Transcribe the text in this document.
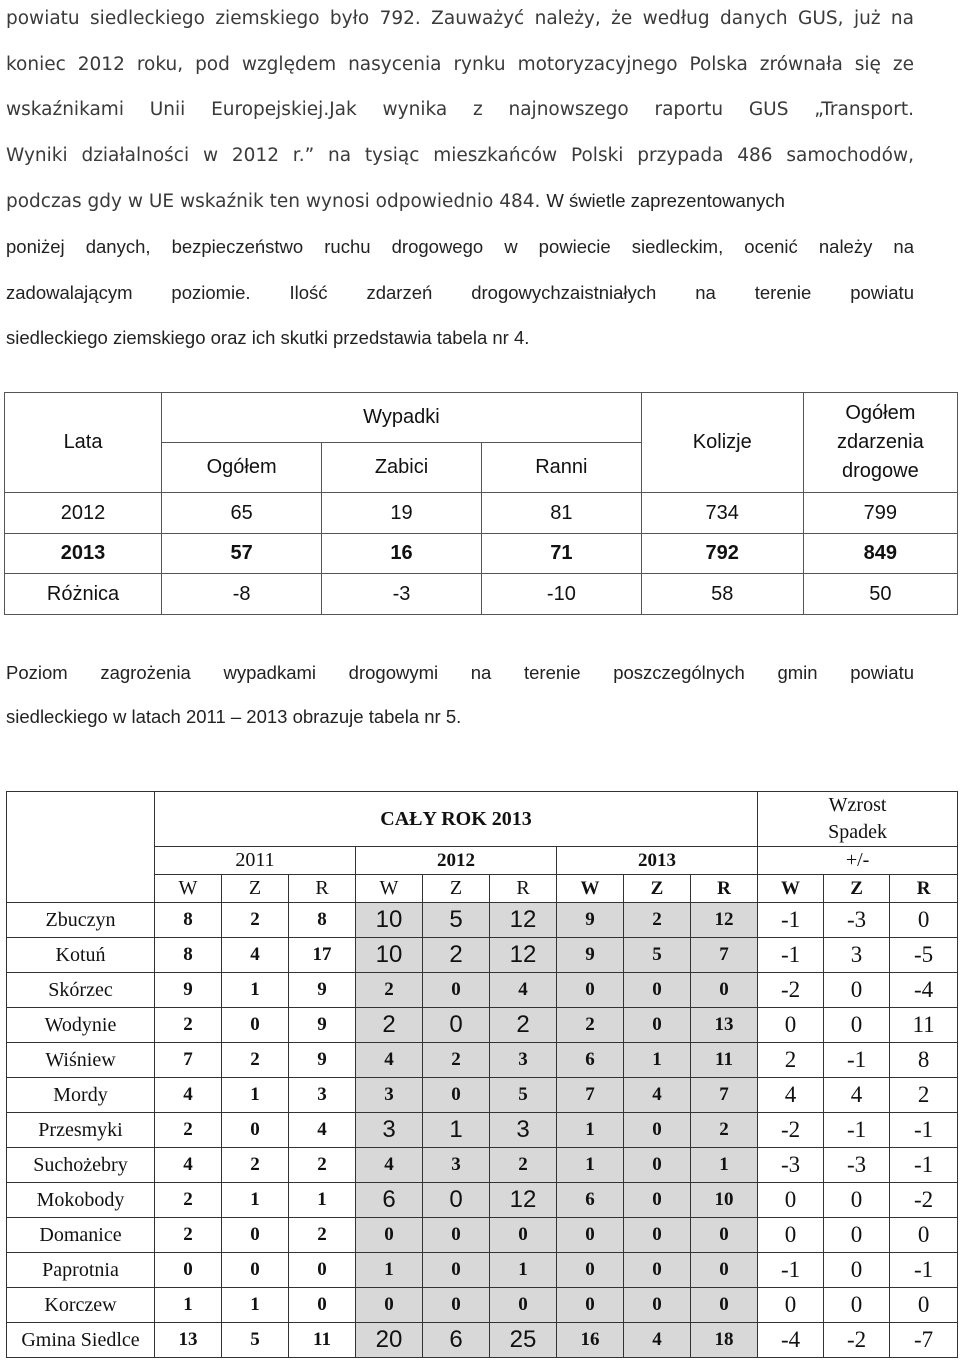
powiatu siedleckiego ziemskiego było 792. Zauważyć należy, że według danych GUS, już na
koniec 2012 roku, pod względem nasycenia rynku motoryzacyjnego Polska zrównała się ze
wskaźnikami Unii Europejskiej.Jak wynika z najnowszego raportu GUS „Transport.
Wyniki działalności w 2012 r.” na tysiąc mieszkańców Polski przypada 486 samochodów,
podczas gdy w UE wskaźnik ten wynosi odpowiednio 484. W świetle zaprezentowanych
poniżej danych, bezpieczeństwo ruchu drogowego w powiecie siedleckim, ocenić należy na
zadowalającym poziomie. Ilość zdarzeń drogowychzaistniałych na terenie powiatu
siedleckiego ziemskiego oraz ich skutki przedstawia tabela nr 4.
Lata	Wypadki			Kolizje	Ogółem
zdarzenia
drogowe
	Ogółem	Zabici	Ranni		
2012	65	19	81	734	799
2013	57	16	71	792	849
Różnica	-8	-3	-10	58	50
Poziom zagrożenia wypadkami drogowymi na terenie poszczególnych gmin powiatu
siedleckiego w latach 2011 – 2013 obrazuje tabela nr 5.
	CAŁY ROK 2013									Wzrost		
										Spadek		
	2011			2012			2013			+/-		
	W	Z	R	W	Z	R	W	Z	R	W	Z	R
Zbuczyn	8	2	8	10	5	12	9	2	12	-1	-3	0
Kotuń	8	4	17	10	2	12	9	5	7	-1	3	-5
Skórzec	9	1	9	2	0	4	0	0	0	-2	0	-4
Wodynie	2	0	9	2	0	2	2	0	13	0	0	11
Wiśniew	7	2	9	4	2	3	6	1	11	2	-1	8
Mordy	4	1	3	3	0	5	7	4	7	4	4	2
Przesmyki	2	0	4	3	1	3	1	0	2	-2	-1	-1
Suchożebry	4	2	2	4	3	2	1	0	1	-3	-3	-1
Mokobody	2	1	1	6	0	12	6	0	10	0	0	-2
Domanice	2	0	2	0	0	0	0	0	0	0	0	0
Paprotnia	0	0	0	1	0	1	0	0	0	-1	0	-1
Korczew	1	1	0	0	0	0	0	0	0	0	0	0
Gmina Siedlce	13	5	11	20	6	25	16	4	18	-4	-2	-7
